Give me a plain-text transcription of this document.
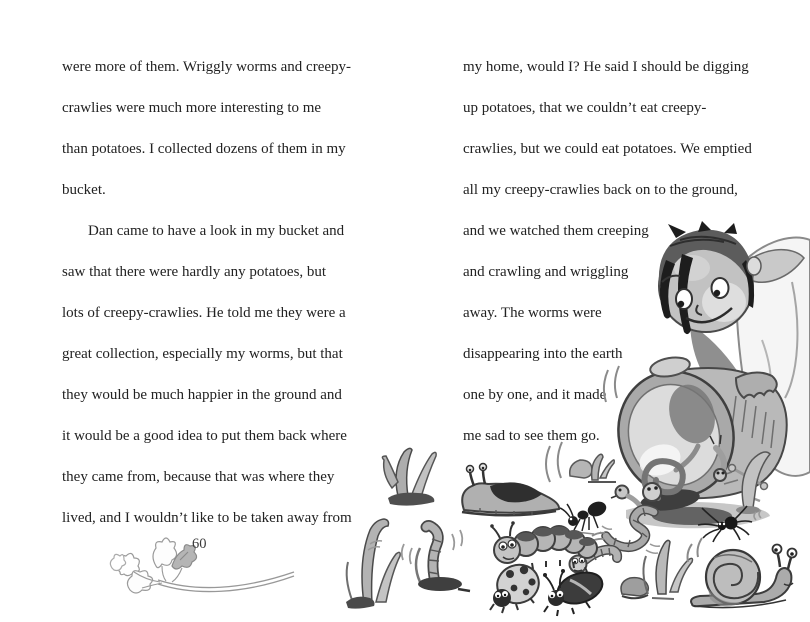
were more of them. Wriggly worms and creepy-
crawlies were much more interesting to me
than potatoes. I collected dozens of them in my
bucket.
Dan came to have a look in my bucket and
saw that there were hardly any potatoes, but
lots of creepy-crawlies. He told me they were a
great collection, especially my worms, but that
they would be much happier in the ground and
it would be a good idea to put them back where
they came from, because that was where they
lived, and I wouldn’t like to be taken away from
my home, would I? He said I should be digging
up potatoes, that we couldn’t eat creepy-
crawlies, but we could eat potatoes. We emptied
all my creepy-crawlies back on to the ground,
and we watched them creeping
and crawling and wriggling
away. The worms were
disappearing into the earth
one by one, and it made
me sad to see them go.
60
